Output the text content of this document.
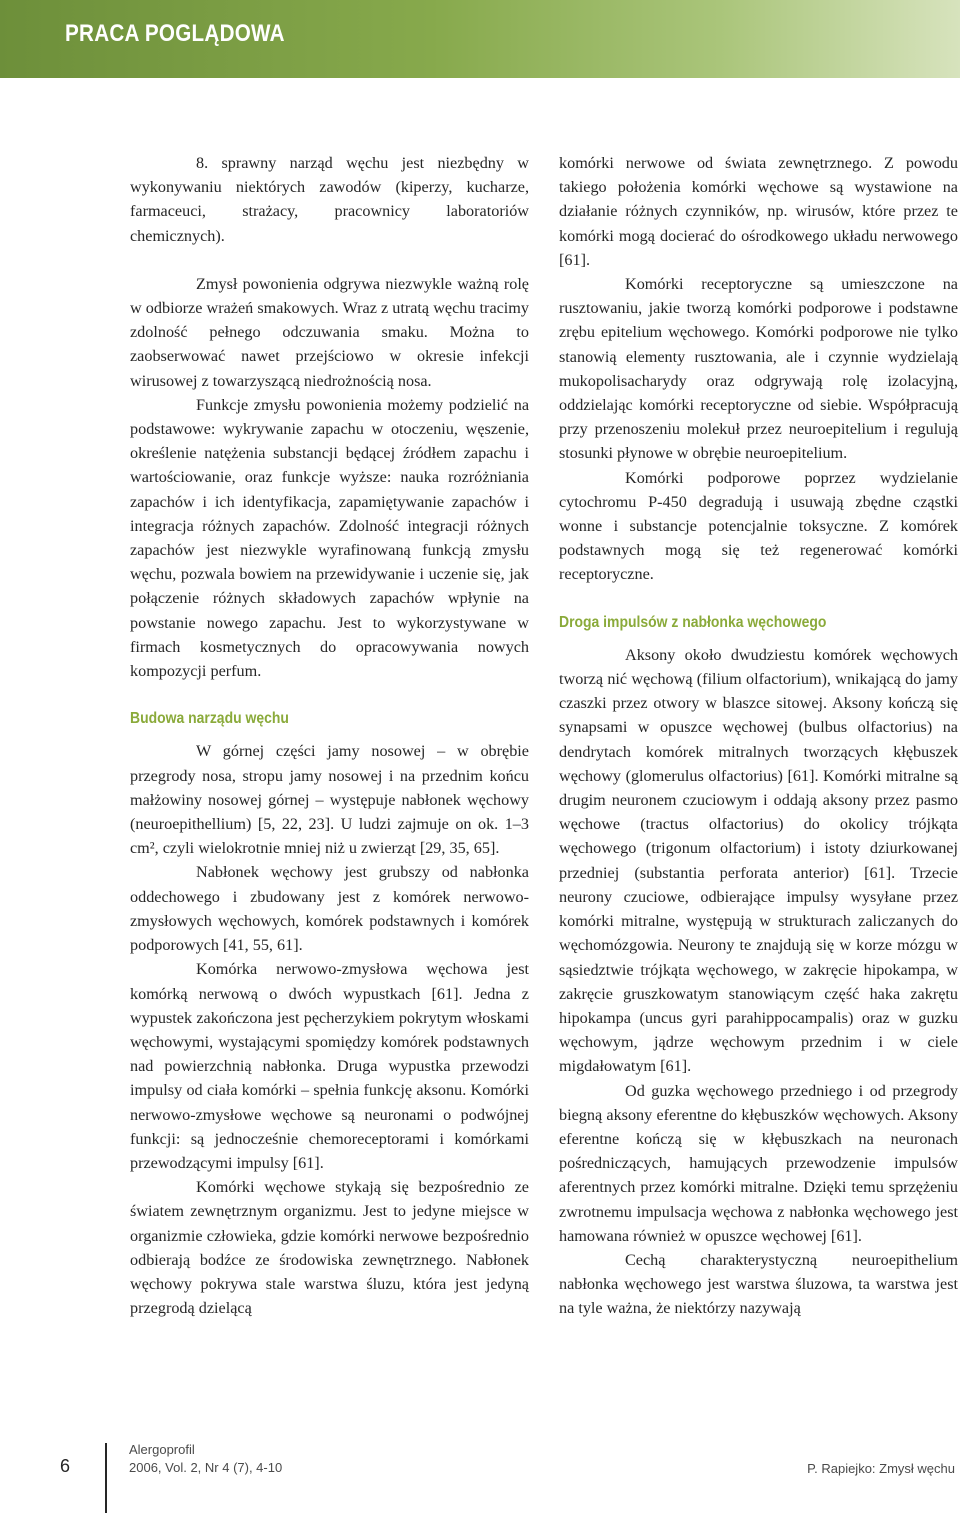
PRACA POGLĄDOWA

8. sprawny narząd węchu jest niezbędny w wykonywaniu niektórych zawodów (kiperzy, kucharze, farmaceuci, strażacy, pracownicy laboratoriów chemicznych).

Zmysł powonienia odgrywa niezwykle ważną rolę w odbiorze wrażeń smakowych. Wraz z utratą węchu tracimy zdolność pełnego odczuwania smaku. Można to zaobserwować nawet przejściowo w okresie infekcji wirusowej z towarzyszącą niedrożnością nosa.

Funkcje zmysłu powonienia możemy podzielić na podstawowe: wykrywanie zapachu w otoczeniu, węszenie, określenie natężenia substancji będącej źródłem zapachu i wartościowanie, oraz funkcje wyższe: nauka rozróżniania zapachów i ich identyfikacja, zapamiętywanie zapachów i integracja różnych zapachów. Zdolność integracji różnych zapachów jest niezwykle wyrafinowaną funkcją zmysłu węchu, pozwala bowiem na przewidywanie i uczenie się, jak połączenie różnych składowych zapachów wpłynie na powstanie nowego zapachu. Jest to wykorzystywane w firmach kosmetycznych do opracowywania nowych kompozycji perfum.

Budowa narządu węchu

W górnej części jamy nosowej – w obrębie przegrody nosa, stropu jamy nosowej i na przednim końcu małżowiny nosowej górnej – występuje nabłonek węchowy (neuroepithellium) [5, 22, 23]. U ludzi zajmuje on ok. 1–3 cm², czyli wielokrotnie mniej niż u zwierząt [29, 35, 65].

Nabłonek węchowy jest grubszy od nabłonka oddechowego i zbudowany jest z komórek nerwowo-zmysłowych węchowych, komórek podstawnych i komórek podporowych [41, 55, 61].

Komórka nerwowo-zmysłowa węchowa jest komórką nerwową o dwóch wypustkach [61]. Jedna z wypustek zakończona jest pęcherzykiem pokrytym włoskami węchowymi, wystającymi spomiędzy komórek podstawnych nad powierzchnią nabłonka. Druga wypustka przewodzi impulsy od ciała komórki – spełnia funkcję aksonu. Komórki nerwowo-zmysłowe węchowe są neuronami o podwójnej funkcji: są jednocześnie chemoreceptorami i komórkami przewodzącymi impulsy [61].

Komórki węchowe stykają się bezpośrednio ze światem zewnętrznym organizmu. Jest to jedyne miejsce w organizmie człowieka, gdzie komórki nerwowe bezpośrednio odbierają bodźce ze środowiska zewnętrznego. Nabłonek węchowy pokrywa stale warstwa śluzu, która jest jedyną przegrodą dzielącą

komórki nerwowe od świata zewnętrznego. Z powodu takiego położenia komórki węchowe są wystawione na działanie różnych czynników, np. wirusów, które przez te komórki mogą docierać do ośrodkowego układu nerwowego [61].

Komórki receptoryczne są umieszczone na rusztowaniu, jakie tworzą komórki podporowe i podstawne zrębu epitelium węchowego. Komórki podporowe nie tylko stanowią elementy rusztowania, ale i czynnie wydzielają mukopolisacharydy oraz odgrywają rolę izolacyjną, oddzielając komórki receptoryczne od siebie. Współpracują przy przenoszeniu molekuł przez neuroepitelium i regulują stosunki płynowe w obrębie neuroepitelium.

Komórki podporowe poprzez wydzielanie cytochromu P-450 degradują i usuwają zbędne cząstki wonne i substancje potencjalnie toksyczne. Z komórek podstawnych mogą się też regenerować komórki receptoryczne.

Droga impulsów z nabłonka węchowego

Aksony około dwudziestu komórek węchowych tworzą nić węchową (filium olfactorium), wnikającą do jamy czaszki przez otwory w blaszce sitowej. Aksony kończą się synapsami w opuszce węchowej (bulbus olfactorius) na dendrytach komórek mitralnych tworzących kłębuszek węchowy (glomerulus olfactorius) [61]. Komórki mitralne są drugim neuronem czuciowym i oddają aksony przez pasmo węchowe (tractus olfactorius) do okolicy trójkąta węchowego (trigonum olfactorium) i istoty dziurkowanej przedniej (substantia perforata anterior) [61]. Trzecie neurony czuciowe, odbierające impulsy wysyłane przez komórki mitralne, występują w strukturach zaliczanych do węchomózgowia. Neurony te znajdują się w korze mózgu w sąsiedztwie trójkąta węchowego, w zakręcie hipokampa, w zakręcie gruszkowatym stanowiącym część haka zakrętu hipokampa (uncus gyri parahippocampalis) oraz w guzku węchowym, jądrze węchowym przednim i w ciele migdałowatym [61].

Od guzka węchowego przedniego i od przegrody biegną aksony eferentne do kłębuszków węchowych. Aksony eferentne kończą się w kłębuszkach na neuronach pośredniczących, hamujących przewodzenie impulsów aferentnych przez komórki mitralne. Dzięki temu sprzężeniu zwrotnemu impulsacja węchowa z nabłonka węchowego jest hamowana również w opuszce węchowej [61].

Cechą charakterystyczną neuroepithelium nabłonka węchowego jest warstwa śluzowa, ta warstwa jest na tyle ważna, że niektórzy nazywają

6
Alergoprofil
2006, Vol. 2, Nr 4 (7), 4-10	P. Rapiejko: Zmysł węchu
